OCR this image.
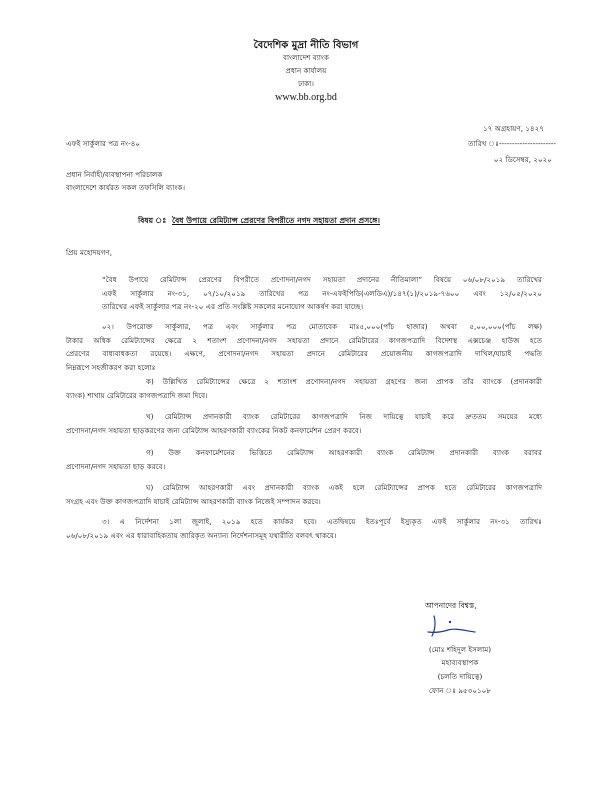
বৈদেশিক মুদ্রা নীতি বিভাগ
বাংলাদেশ ব্যাংক
প্রধান কার্যালয়
ঢাকা।
www.bb.org.bd
১৭ অগ্রহায়ণ, ১৪২৭
এফই সার্কুলার পত্র নং-৪০	তারিখ ঃ----------------------
০২ ডিসেম্বর, ২০২০
প্রধান নির্বাহী/ব্যবস্থাপনা পরিচালক
বাংলাদেশে কার্যরত সকল তফসিলি ব্যাংক।
বিষয় ঃ বৈধ উপায়ে রেমিট্যান্স প্রেরণের বিপরীতে নগদ সহায়তা প্রদান প্রসঙ্গে।
প্রিয় মহোদয়গণ,
“বৈধ উপায়ে রেমিট্যান্স প্রেরণের বিপরীতে প্রণোদনা/নগদ সহায়তা প্রদানের নীতিমালা” বিষয়ে ০৬/০৮/২০১৯ তারিখের
এফই সার্কুলার নং-৩১, ০৭/১০/২০১৯ তারিখের পত্র নং-এফইপিডি(এলডিএ)/১৪৭(১)/২০১৯-৭৬০০ এবং ১২/০৫/২০২০
তারিখের এফই সার্কুলার পত্র নং-২০ এর প্রতি সংশ্লিষ্ট সকলের মনোযোগ আকর্ষণ করা যাচ্ছে।
০২। উপরোক্ত সার্কুলার, পত্র এবং সার্কুলার পত্র মোতাবেক মাঃ৫,০০০(পাঁচ হাজার) অথবা ৫,০০,০০০(পাঁচ লক্ষ)
টাকার অধিক রেমিট্যান্সের ক্ষেত্রে ২ শতাংশ প্রণোদনা/নগদ সহায়তা প্রদানে রেমিটারের কাগজপত্রাদি বিদেশস্থ এক্সচেঞ্জ হাউজ হতে
প্রেরণের বাধ্যবাধকতা রয়েছে। এক্ষণে, প্রণোদনা/নগদ সহায়তা প্রদানে রেমিটারের প্রয়োজনীয় কাগজপত্রাদি দাখিল/যাচাই পদ্ধতি
নিম্নরূপে সহজীকরণ করা হলোঃ
ক) উল্লিখিত রেমিট্যান্সের ক্ষেত্রে ২ শতাংশ প্রণোদনা/নগদ সহায়তা গ্রহণের জন্য প্রাপক তাঁর ব্যাংকে (প্রদানকারী
ব্যাংক) শাখায় রেমিটারের কাগজপত্রাদি জমা দিবে।
খ) রেমিট্যান্স প্রদানকারী ব্যাংক রেমিটারের কাগজপত্রাদি নিজ দায়িত্বে যাচাই করে দ্রুততম সময়ের মধ্যে
প্রণোদনা/নগদ সহায়তা ছাড়করণের জন্য রেমিট্যান্স আহরণকারী ব্যাংকের নিকট কনফার্মেশন প্রেরণ করবে।
গ) উক্ত কনফার্মেশনের ভিত্তিতে রেমিট্যান্স আহরণকারী ব্যাংক রেমিট্যান্স প্রদানকারী ব্যাংক বরাবর
প্রণোদনা/নগদ সহায়তা ছাড় করবে।
ঘ) রেমিট্যান্স আহরণকারী এবং প্রদানকারী ব্যাংক একই হলে রেমিট্যান্সের প্রাপক হতে রেমিটারের কাগজপত্রাদি
সংগ্রহ এবং উক্ত কাগজপত্রাদি যাচাই রেমিট্যান্স আহরণকারী ব্যাংক নিজেই সম্পাদন করবে।
৩। এ নির্দেশনা ১লা জুলাই, ২০১৯ হতে কার্যকর হবে। এতদ্বিষয়ে ইতঃপূর্বে ইস্যুকৃত এফই সার্কুলার নং-৩১ তারিখঃ
০৬/০৮/২০১৯ এবং এর ধারাবাহিকতায় জারিকৃত অন্যান্য নির্দেশনাসমূহ যথারীতি বলবৎ থাকবে।
আপনাদের বিশ্বস্ত,
(মোঃ শহিদুল ইসলাম)
মহাব্যবস্থাপক
(চলতি দায়িত্বে)
ফোন ঃ ৯৫৩০১০৮
